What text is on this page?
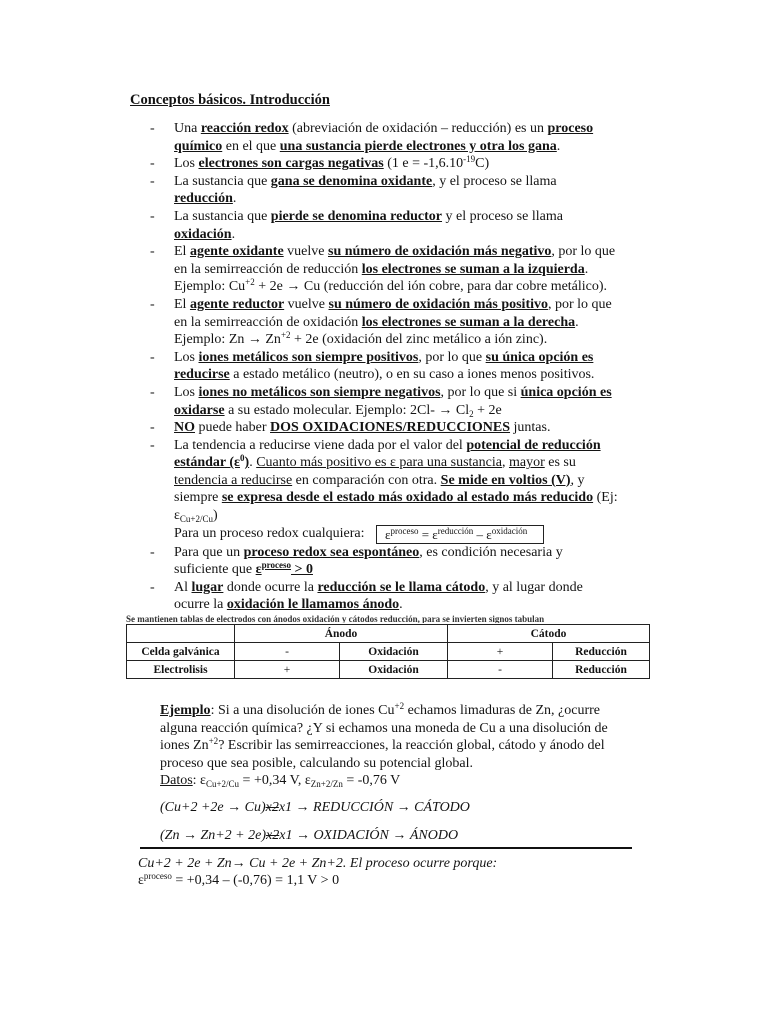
Conceptos básicos. Introducción
- Una reacción redox (abreviación de oxidación – reducción) es un proceso químico en el que una sustancia pierde electrones y otra los gana.
- Los electrones son cargas negativas (1 $e = -1,6.10^{-19}C$)
- La sustancia que gana se denomina oxidante, y el proceso se llama reducción.
- La sustancia que pierde se denomina reductor y el proceso se llama oxidación.
- El agente oxidante vuelve su número de oxidación más negativo, por lo que en la semirreacción de reducción los electrones se suman a la izquierda.
Ejemplo: $Cu^{+2} + 2e \to Cu$ (reducción del ión cobre, para dar cobre metálico).
- El agente reductor vuelve su número de oxidación más positivo, por lo que en la semirreacción de oxidación los electrones se suman a la derecha.
Ejemplo: $Zn \to Zn^{+2} + 2e$ (oxidación del zinc metálico a ión zinc).
- Los iones metálicos son siempre positivos, por lo que su única opción es reducirse a estado metálico (neutro), o en su caso a iones menos positivos.
- Los iones no metálicos son siempre negativos, por lo que si única opción es oxidarse a su estado molecular. Ejemplo: $2Cl- \to Cl_2 + 2e$
- NO puede haber DOS OXIDACIONES/REDUCCIONES juntas.
- La tendencia a reducirse viene dada por el valor del potencial de reducción estándar $(\varepsilon^0)$. Cuanto más positivo es ε para una sustancia, mayor es su tendencia a reducirse en comparación con otra. Se mide en voltios (V), y siempre se expresa desde el estado más oxidado al estado más reducido (Ej: $\varepsilon_{Cu+2/Cu}$)
Para un proceso redox cualquiera: $\varepsilon^{proceso} = \varepsilon^{reducción} - \varepsilon^{oxidación}$
- Para que un proceso redox sea espontáneo, es condición necesaria y suficiente que $\varepsilon^{proceso} > 0$
- Al lugar donde ocurre la reducción se le llama cátodo, y al lugar donde ocurre la oxidación le llamamos ánodo.
Se mantienen tablas de electrodos con ánodos oxidación y cátodos reducción, para se invierten signos tabulan
	Ánodo		Cátodo	
Celda galvánica	-	Oxidación	+	Reducción
Electrolisis	+	Oxidación	-	Reducción
Ejemplo: Si a una disolución de iones $Cu^{+2}$ echamos limaduras de Zn, ¿ocurre alguna reacción química? ¿Y si echamos una moneda de Cu a una disolución de iones $Zn^{+2}$? Escribir las semirreacciones, la reacción global, cátodo y ánodo del proceso que sea posible, calculando su potencial global.
Datos: $\varepsilon_{Cu+2/Cu} = +0,34$ V, $\varepsilon_{Zn+2/Zn} = -0,76$ V
(Cu+2 +2e → Cu)x2x1 → REDUCCIÓN → CÁTODO
(Zn → Zn+2 + 2e)x2x1 → OXIDACIÓN → ÁNODO
Cu+2 + 2e + Zn→ Cu + 2e + Zn+2. El proceso ocurre porque:
$\varepsilon^{proceso} = +0,34 - (-0,76) = 1,1$ V > 0
